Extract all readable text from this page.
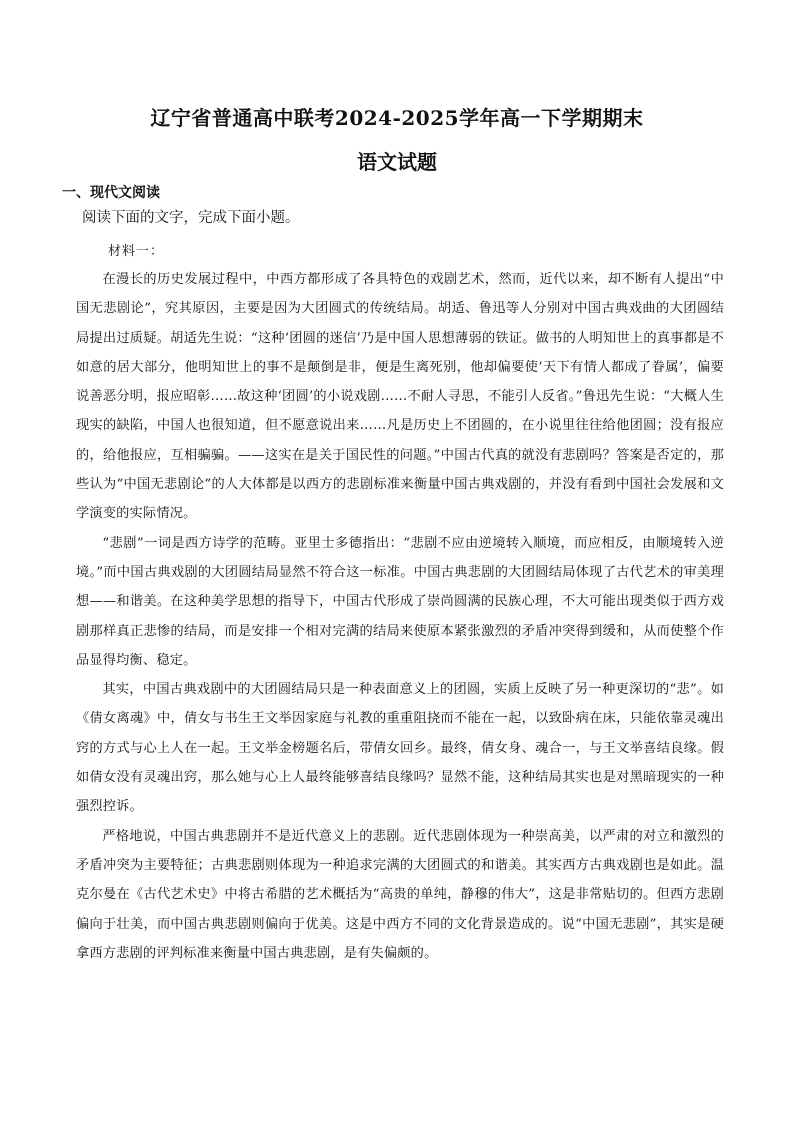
辽宁省普通高中联考2024-2025学年高一下学期期末
语文试题
一、现代文阅读
阅读下面的文字，完成下面小题。
材料一：

在漫长的历史发展过程中，中西方都形成了各具特色的戏剧艺术，然而，近代以来，却不断有人提出“中国无悲剧论”，究其原因，主要是因为大团圆式的传统结局。胡适、鲁迅等人分别对中国古典戏曲的大团圆结局提出过质疑。胡适先生说：“这种‘团圆的迷信’乃是中国人思想薄弱的铁证。做书的人明知世上的真事都是不如意的居大部分，他明知世上的事不是颠倒是非，便是生离死别，他却偏要使‘天下有情人都成了眷属’，偏要说善恶分明，报应昭彰……故这种‘团圆’的小说戏剧……不耐人寻思，不能引人反省。”鲁迅先生说：“大概人生现实的缺陷，中国人也很知道，但不愿意说出来……凡是历史上不团圆的，在小说里往往给他团圆；没有报应的，给他报应，互相骗骗。——这实在是关于国民性的问题。”中国古代真的就没有悲剧吗？答案是否定的，那些认为“中国无悲剧论”的人大体都是以西方的悲剧标准来衡量中国古典戏剧的，并没有看到中国社会发展和文学演变的实际情况。

“悲剧”一词是西方诗学的范畴。亚里士多德指出：“悲剧不应由逆境转入顺境，而应相反，由顺境转入逆境。”而中国古典戏剧的大团圆结局显然不符合这一标准。中国古典悲剧的大团圆结局体现了古代艺术的审美理想——和谐美。在这种美学思想的指导下，中国古代形成了崇尚圆满的民族心理，不大可能出现类似于西方戏剧那样真正悲惨的结局，而是安排一个相对完满的结局来使原本紧张激烈的矛盾冲突得到缓和，从而使整个作品显得均衡、稳定。

其实，中国古典戏剧中的大团圆结局只是一种表面意义上的团圆，实质上反映了另一种更深切的“悲”。如《倩女离魂》中，倩女与书生王文举因家庭与礼教的重重阻挠而不能在一起，以致卧病在床，只能依靠灵魂出窍的方式与心上人在一起。王文举金榜题名后，带倩女回乡。最终，倩女身、魂合一，与王文举喜结良缘。假如倩女没有灵魂出窍，那么她与心上人最终能够喜结良缘吗？显然不能，这种结局其实也是对黑暗现实的一种强烈控诉。

严格地说，中国古典悲剧并不是近代意义上的悲剧。近代悲剧体现为一种崇高美，以严肃的对立和激烈的矛盾冲突为主要特征；古典悲剧则体现为一种追求完满的大团圆式的和谐美。其实西方古典戏剧也是如此。温克尔曼在《古代艺术史》中将古希腊的艺术概括为“高贵的单纯，静穆的伟大”，这是非常贴切的。但西方悲剧偏向于壮美，而中国古典悲剧则偏向于优美。这是中西方不同的文化背景造成的。说“中国无悲剧”，其实是硬拿西方悲剧的评判标准来衡量中国古典悲剧，是有失偏颇的。
